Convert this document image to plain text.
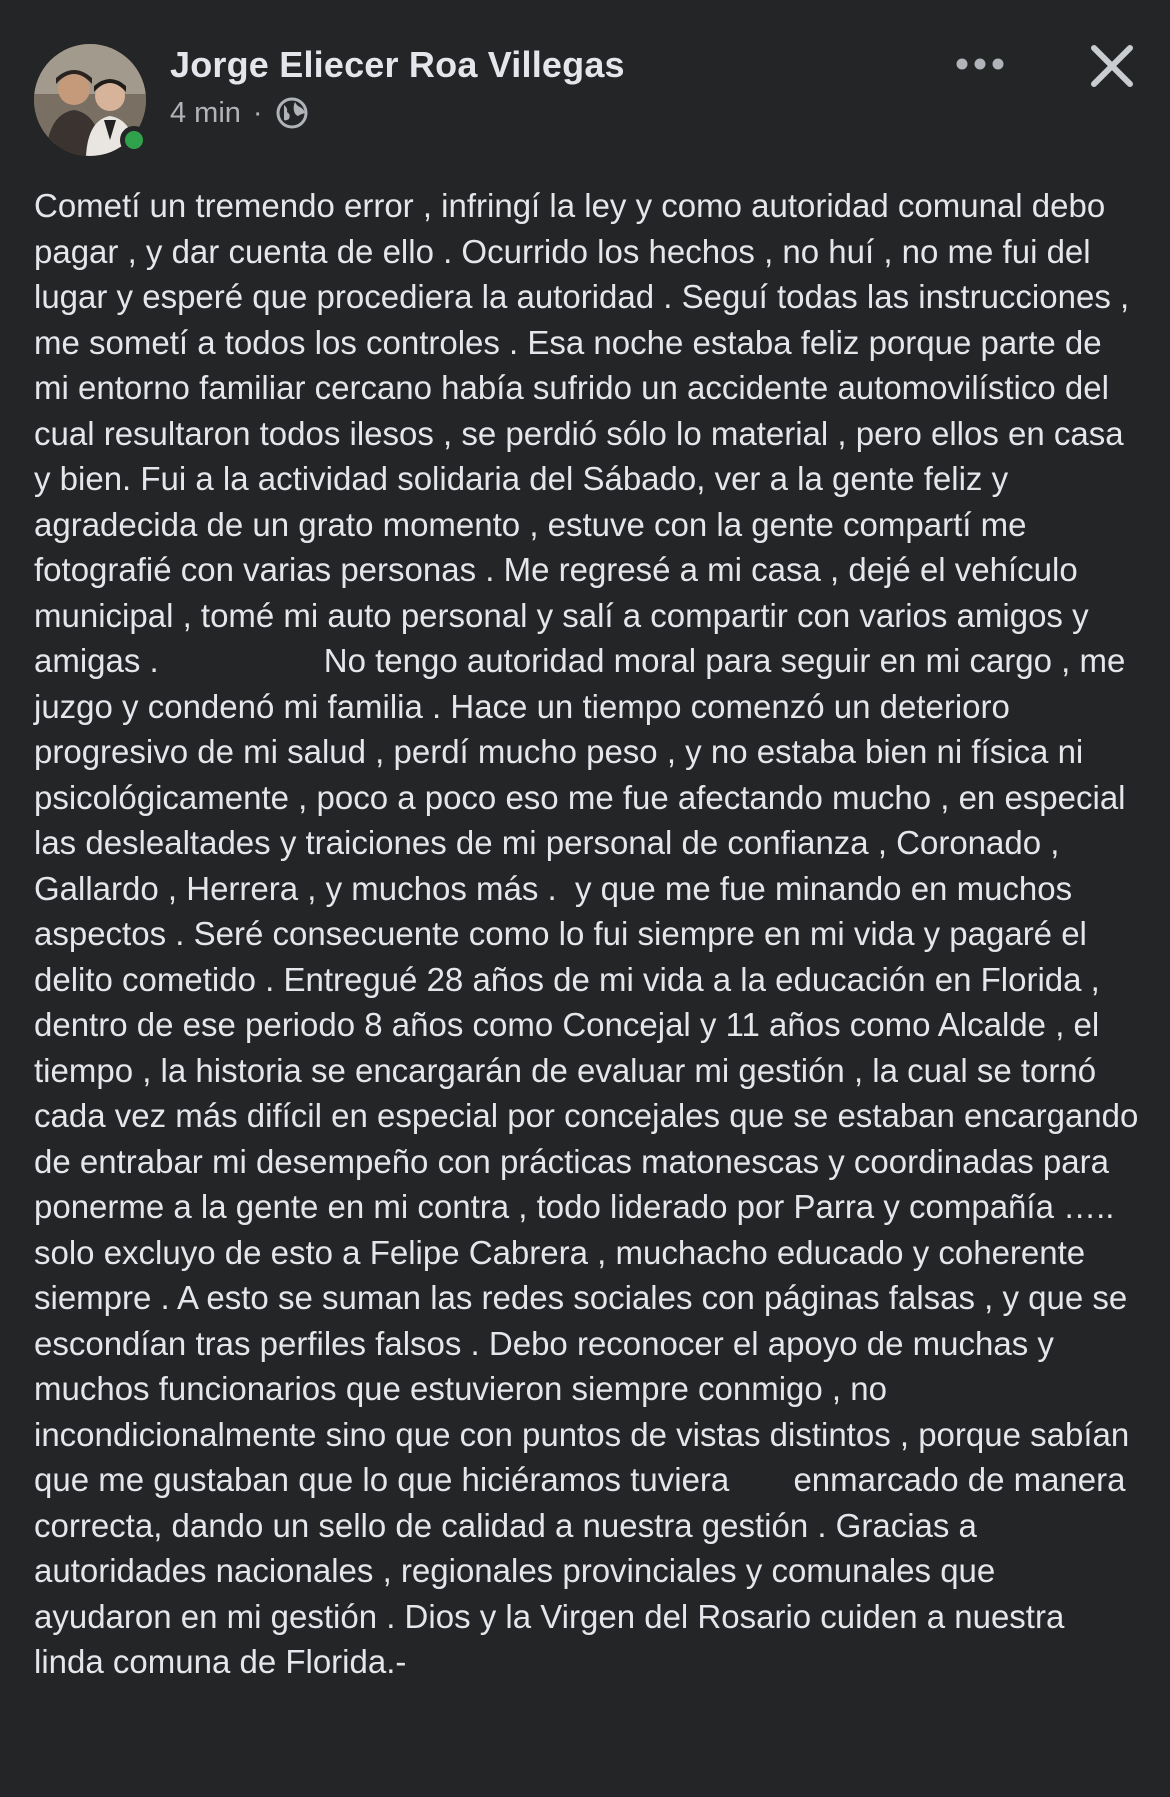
Jorge Eliecer Roa Villegas
4 min ·

Cometí un tremendo error , infringí la ley y como autoridad comunal debo pagar , y dar cuenta de ello . Ocurrido los hechos , no huí , no me fui del lugar y esperé que procediera la autoridad . Seguí todas las instrucciones , me sometí a todos los controles . Esa noche estaba feliz porque parte de mi entorno familiar cercano había sufrido un accidente automovilístico del cual resultaron todos ilesos , se perdió sólo lo material , pero ellos en casa y bien. Fui a la actividad solidaria del Sábado, ver a la gente feliz y agradecida de un grato momento , estuve con la gente compartí me fotografié con varias personas . Me regresé a mi casa , dejé el vehículo municipal , tomé mi auto personal y salí a compartir con varios amigos y amigas .                  No tengo autoridad moral para seguir en mi cargo , me juzgo y condenó mi familia . Hace un tiempo comenzó un deterioro progresivo de mi salud , perdí mucho peso , y no estaba bien ni física ni psicológicamente , poco a poco eso me fue afectando mucho , en especial las deslealtades y traiciones de mi personal de confianza , Coronado , Gallardo , Herrera , y muchos más .  y que me fue minando en muchos aspectos . Seré consecuente como lo fui siempre en mi vida y pagaré el delito cometido . Entregué 28 años de mi vida a la educación en Florida , dentro de ese periodo 8 años como Concejal y 11 años como Alcalde , el tiempo , la historia se encargarán de evaluar mi gestión , la cual se tornó cada vez más difícil en especial por concejales que se estaban encargando de entrabar mi desempeño con prácticas matonescas y coordinadas para ponerme a la gente en mi contra , todo liderado por Parra y compañía ….. solo excluyo de esto a Felipe Cabrera , muchacho educado y coherente siempre . A esto se suman las redes sociales con páginas falsas , y que se escondían tras perfiles falsos . Debo reconocer el apoyo de muchas y muchos funcionarios que estuvieron siempre conmigo , no incondicionalmente sino que con puntos de vistas distintos , porque sabían que me gustaban que lo que hiciéramos tuviera       enmarcado de manera correcta, dando un sello de calidad a nuestra gestión . Gracias a autoridades nacionales , regionales provinciales y comunales que ayudaron en mi gestión . Dios y la Virgen del Rosario cuiden a nuestra linda comuna de Florida.-
